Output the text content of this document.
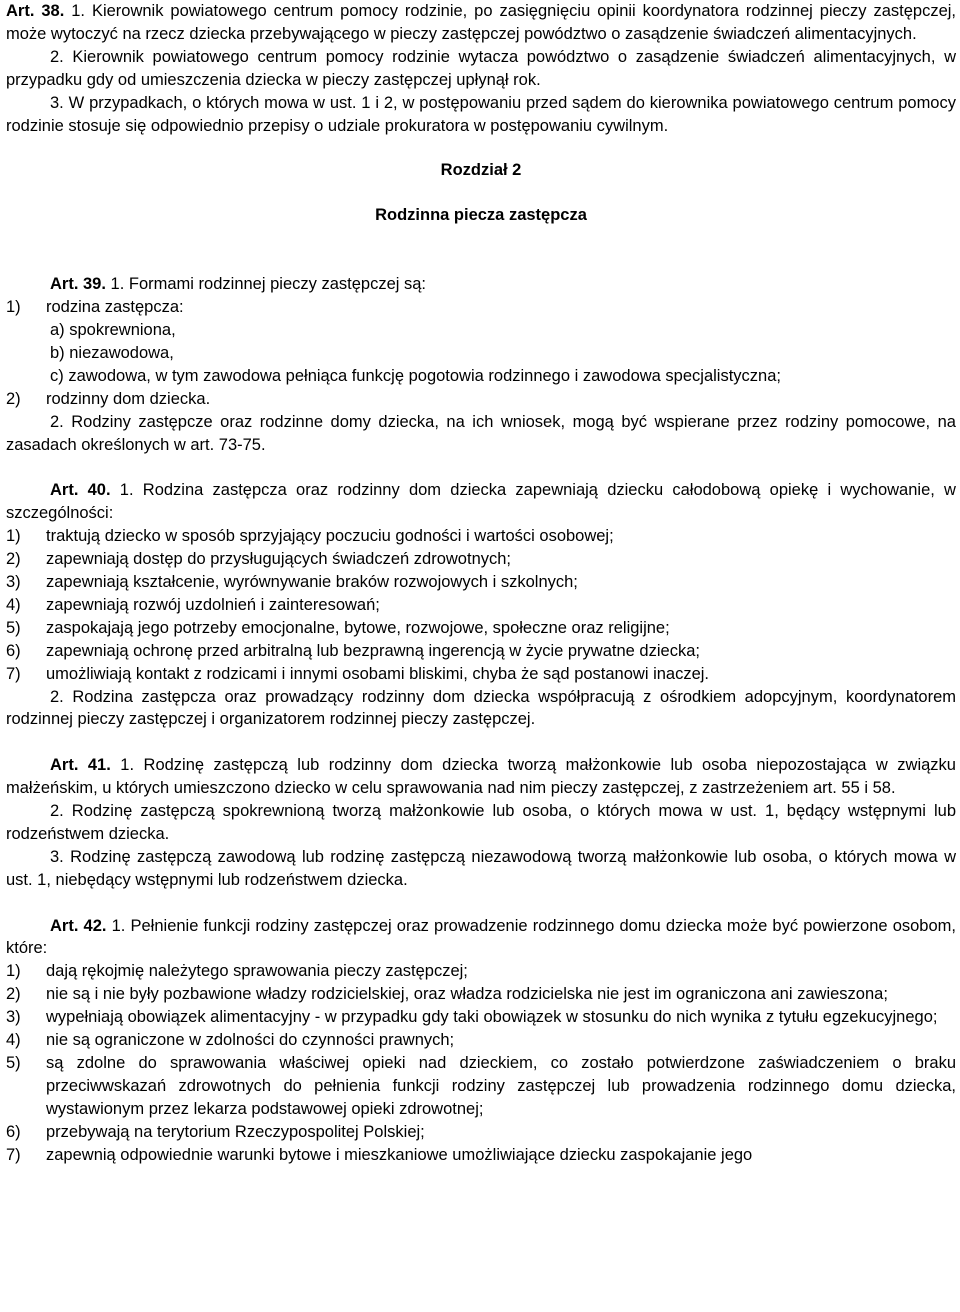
Art. 38. 1. Kierownik powiatowego centrum pomocy rodzinie, po zasięgnięciu opinii koordynatora rodzinnej pieczy zastępczej, może wytoczyć na rzecz dziecka przebywającego w pieczy zastępczej powództwo o zasądzenie świadczeń alimentacyjnych.

2. Kierownik powiatowego centrum pomocy rodzinie wytacza powództwo o zasądzenie świadczeń alimentacyjnych, w przypadku gdy od umieszczenia dziecka w pieczy zastępczej upłynął rok.

3. W przypadkach, o których mowa w ust. 1 i 2, w postępowaniu przed sądem do kierownika powiatowego centrum pomocy rodzinie stosuje się odpowiednio przepisy o udziale prokuratora w postępowaniu cywilnym.

Rozdział 2

Rodzinna piecza zastępcza

Art. 39. 1. Formami rodzinnej pieczy zastępczej są:

1)	rodzina zastępcza:

a) spokrewniona,

b) niezawodowa,

c) zawodowa, w tym zawodowa pełniąca funkcję pogotowia rodzinnego i zawodowa specjalistyczna;

2)	rodzinny dom dziecka.

2. Rodziny zastępcze oraz rodzinne domy dziecka, na ich wniosek, mogą być wspierane przez rodziny pomocowe, na zasadach określonych w art. 73-75.

Art. 40. 1. Rodzina zastępcza oraz rodzinny dom dziecka zapewniają dziecku całodobową opiekę i wychowanie, w szczególności:

1)	traktują dziecko w sposób sprzyjający poczuciu godności i wartości osobowej;
2)	zapewniają dostęp do przysługujących świadczeń zdrowotnych;
3)	zapewniają kształcenie, wyrównywanie braków rozwojowych i szkolnych;
4)	zapewniają rozwój uzdolnień i zainteresowań;
5)	zaspokajają jego potrzeby emocjonalne, bytowe, rozwojowe, społeczne oraz religijne;
6)	zapewniają ochronę przed arbitralną lub bezprawną ingerencją w życie prywatne dziecka;
7)	umożliwiają kontakt z rodzicami i innymi osobami bliskimi, chyba że sąd postanowi inaczej.

2. Rodzina zastępcza oraz prowadzący rodzinny dom dziecka współpracują z ośrodkiem adopcyjnym, koordynatorem rodzinnej pieczy zastępczej i organizatorem rodzinnej pieczy zastępczej.

Art. 41. 1. Rodzinę zastępczą lub rodzinny dom dziecka tworzą małżonkowie lub osoba niepozostająca w związku małżeńskim, u których umieszczono dziecko w celu sprawowania nad nim pieczy zastępczej, z zastrzeżeniem art. 55 i 58.

2. Rodzinę zastępczą spokrewnioną tworzą małżonkowie lub osoba, o których mowa w ust. 1, będący wstępnymi lub rodzeństwem dziecka.

3. Rodzinę zastępczą zawodową lub rodzinę zastępczą niezawodową tworzą małżonkowie lub osoba, o których mowa w ust. 1, niebędący wstępnymi lub rodzeństwem dziecka.

Art. 42. 1. Pełnienie funkcji rodziny zastępczej oraz prowadzenie rodzinnego domu dziecka może być powierzone osobom, które:

1)	dają rękojmię należytego sprawowania pieczy zastępczej;
2)	nie są i nie były pozbawione władzy rodzicielskiej, oraz władza rodzicielska nie jest im ograniczona ani zawieszona;
3)	wypełniają obowiązek alimentacyjny - w przypadku gdy taki obowiązek w stosunku do nich wynika z tytułu egzekucyjnego;
4)	nie są ograniczone w zdolności do czynności prawnych;
5)	są zdolne do sprawowania właściwej opieki nad dzieckiem, co zostało potwierdzone zaświadczeniem o braku przeciwwskazań zdrowotnych do pełnienia funkcji rodziny zastępczej lub prowadzenia rodzinnego domu dziecka, wystawionym przez lekarza podstawowej opieki zdrowotnej;
6)	przebywają na terytorium Rzeczypospolitej Polskiej;
7)	zapewnią odpowiednie warunki bytowe i mieszkaniowe umożliwiające dziecku zaspokajanie jego
